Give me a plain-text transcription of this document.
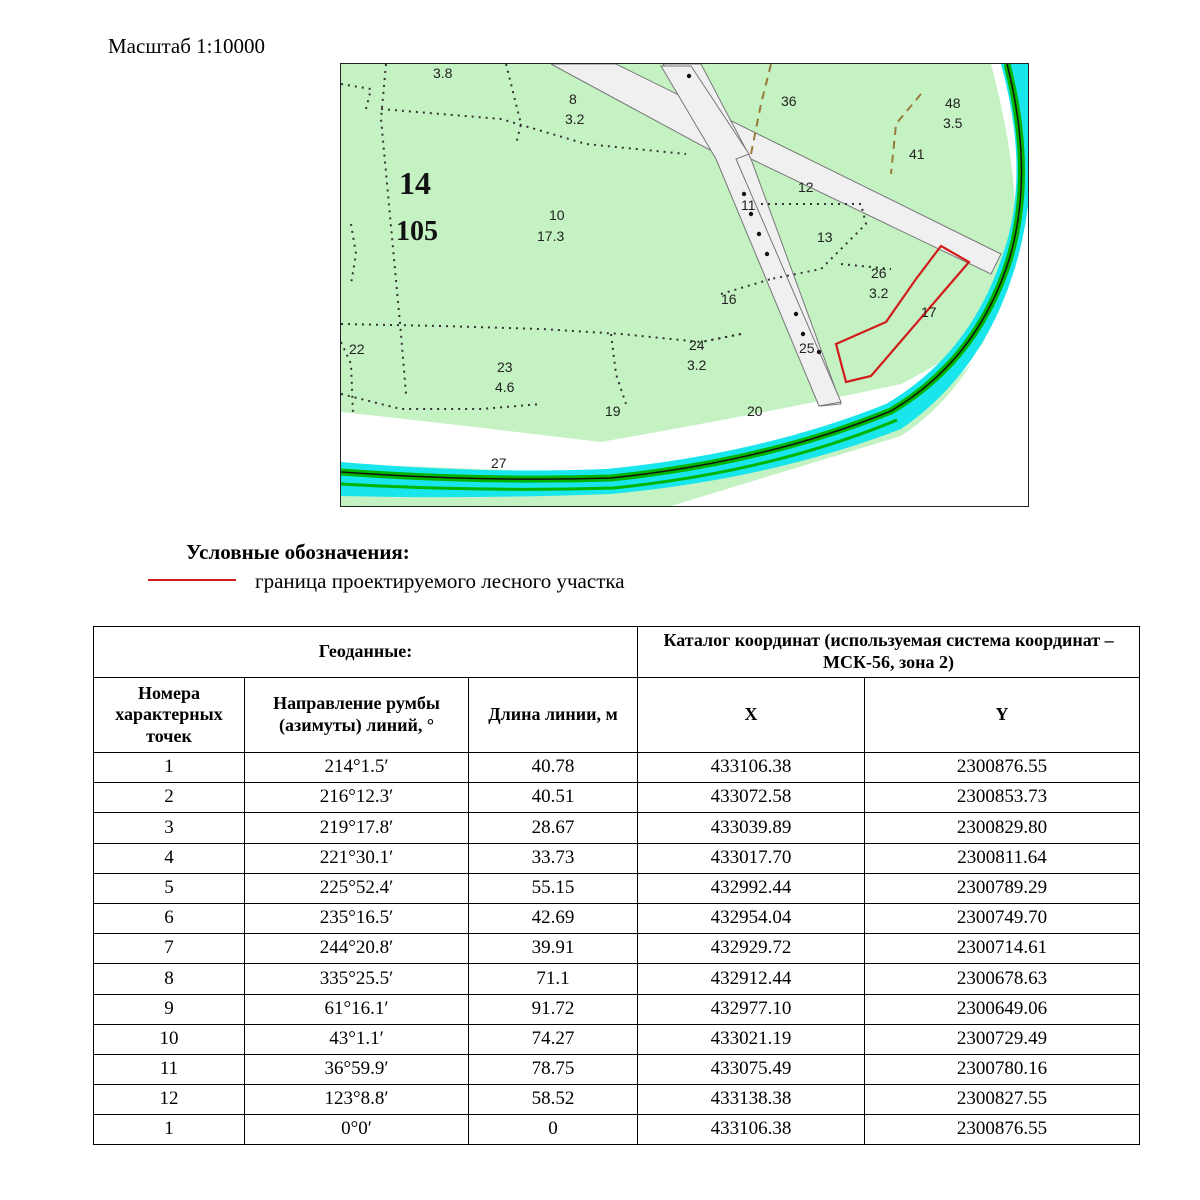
Масштаб 1:10000
3.8
8
3.2
36	48
3.5
41
12
11
10
17.3	13
26
3.2
17
16
22	24
3.2
25
23
4.6
19	20
27
14
105
Условные обозначения:
граница проектируемого лесного участка
Геоданные:			Каталог координат (используемая система координат – МСК-56, зона 2)	
Номера характерных точек	Направление румбы (азимуты) линий, °	Длина линии, м	X	Y
1	214°1.5′	40.78	433106.38	2300876.55
2	216°12.3′	40.51	433072.58	2300853.73
3	219°17.8′	28.67	433039.89	2300829.80
4	221°30.1′	33.73	433017.70	2300811.64
5	225°52.4′	55.15	432992.44	2300789.29
6	235°16.5′	42.69	432954.04	2300749.70
7	244°20.8′	39.91	432929.72	2300714.61
8	335°25.5′	71.1	432912.44	2300678.63
9	61°16.1′	91.72	432977.10	2300649.06
10	43°1.1′	74.27	433021.19	2300729.49
11	36°59.9′	78.75	433075.49	2300780.16
12	123°8.8′	58.52	433138.38	2300827.55
1	0°0′	0	433106.38	2300876.55
